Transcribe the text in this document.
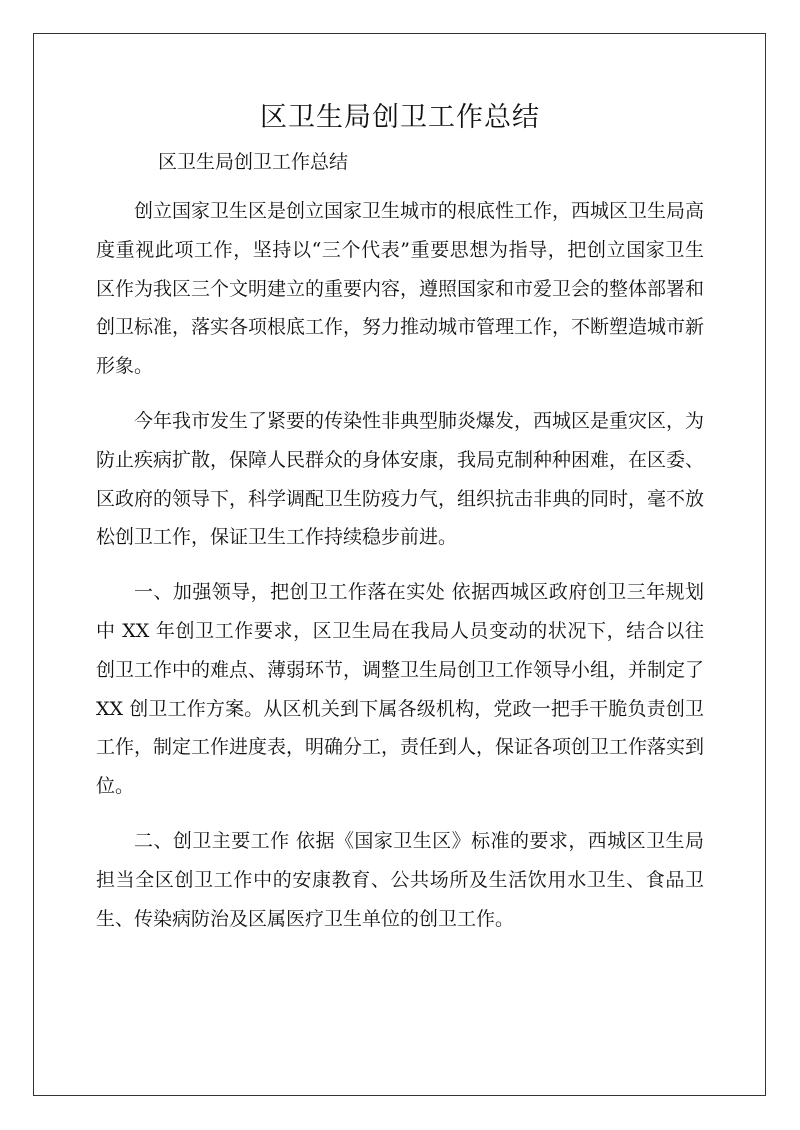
区卫生局创卫工作总结

区卫生局创卫工作总结

创立国家卫生区是创立国家卫生城市的根底性工作，西城区卫生局高度重视此项工作，坚持以“三个代表”重要思想为指导，把创立国家卫生区作为我区三个文明建立的重要内容，遵照国家和市爱卫会的整体部署和创卫标准，落实各项根底工作，努力推动城市管理工作，不断塑造城市新形象。

今年我市发生了紧要的传染性非典型肺炎爆发，西城区是重灾区，为防止疾病扩散，保障人民群众的身体安康，我局克制种种困难，在区委、区政府的领导下，科学调配卫生防疫力气，组织抗击非典的同时，毫不放松创卫工作，保证卫生工作持续稳步前进。

一、加强领导，把创卫工作落在实处 依据西城区政府创卫三年规划中 XX 年创卫工作要求，区卫生局在我局人员变动的状况下，结合以往创卫工作中的难点、薄弱环节，调整卫生局创卫工作领导小组，并制定了 XX 创卫工作方案。从区机关到下属各级机构，党政一把手干脆负责创卫工作，制定工作进度表，明确分工，责任到人，保证各项创卫工作落实到位。

二、创卫主要工作 依据《国家卫生区》标准的要求，西城区卫生局担当全区创卫工作中的安康教育、公共场所及生活饮用水卫生、食品卫生、传染病防治及区属医疗卫生单位的创卫工作。
